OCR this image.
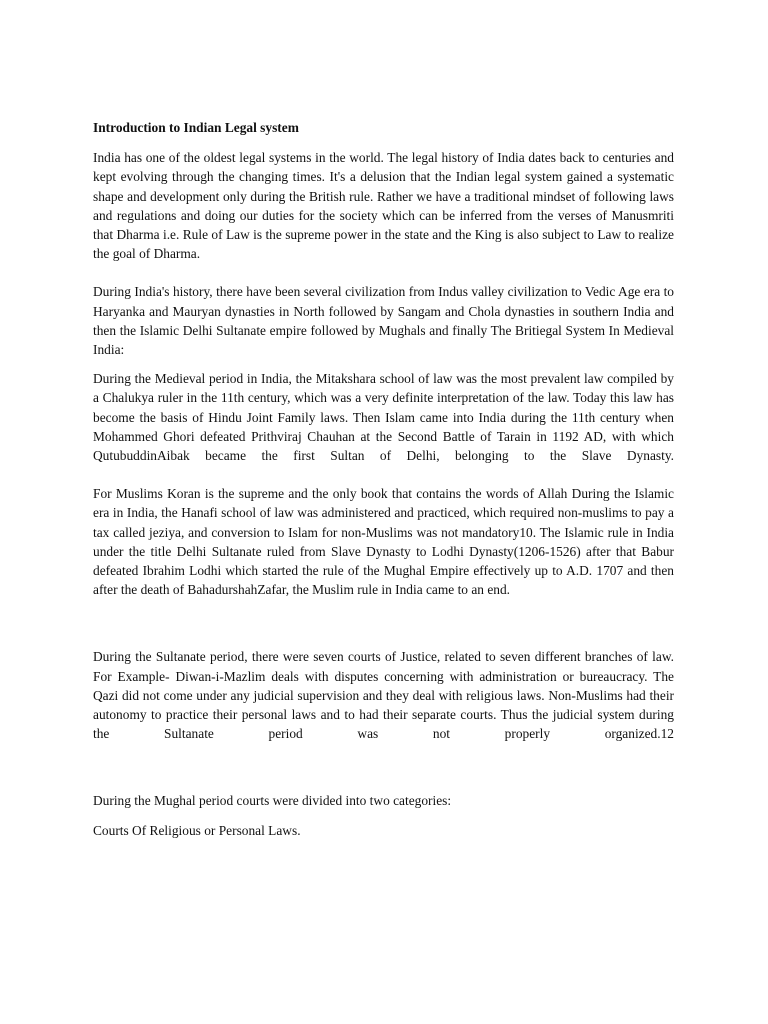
Introduction to Indian Legal system

India has one of the oldest legal systems in the world. The legal history of India dates back to centuries and kept evolving through the changing times. It's a delusion that the Indian legal system gained a systematic shape and development only during the British rule. Rather we have a traditional mindset of following laws and regulations and doing our duties for the society which can be inferred from the verses of Manusmriti that Dharma i.e. Rule of Law is the supreme power in the state and the King is also subject to Law to realize the goal of Dharma.

During India's history, there have been several civilization from Indus valley civilization to Vedic Age era to Haryanka and Mauryan dynasties in North followed by Sangam and Chola dynasties in southern India and then the Islamic Delhi Sultanate empire followed by Mughals and finally The Britiegal System In Medieval India:

During the Medieval period in India, the Mitakshara school of law was the most prevalent law compiled by a Chalukya ruler in the 11th century, which was a very definite interpretation of the law. Today this law has become the basis of Hindu Joint Family laws. Then Islam came into India during the 11th century when Mohammed Ghori defeated Prithviraj Chauhan at the Second Battle of Tarain in 1192 AD, with which QutubuddinAibak became the first Sultan of Delhi, belonging to the Slave Dynasty.

For Muslims Koran is the supreme and the only book that contains the words of Allah During the Islamic era in India, the Hanafi school of law was administered and practiced, which required non-muslims to pay a tax called jeziya, and conversion to Islam for non-Muslims was not mandatory10. The Islamic rule in India under the title Delhi Sultanate ruled from Slave Dynasty to Lodhi Dynasty(1206-1526) after that Babur defeated Ibrahim Lodhi which started the rule of the Mughal Empire effectively up to A.D. 1707 and then after the death of BahadurshahZafar, the Muslim rule in India came to an end.

During the Sultanate period, there were seven courts of Justice, related to seven different branches of law. For Example- Diwan-i-Mazlim deals with disputes concerning with administration or bureaucracy. The Qazi did not come under any judicial supervision and they deal with religious laws. Non-Muslims had their autonomy to practice their personal laws and to had their separate courts. Thus the judicial system during the Sultanate period was not properly organized.12

During the Mughal period courts were divided into two categories:

Courts Of Religious or Personal Laws.
